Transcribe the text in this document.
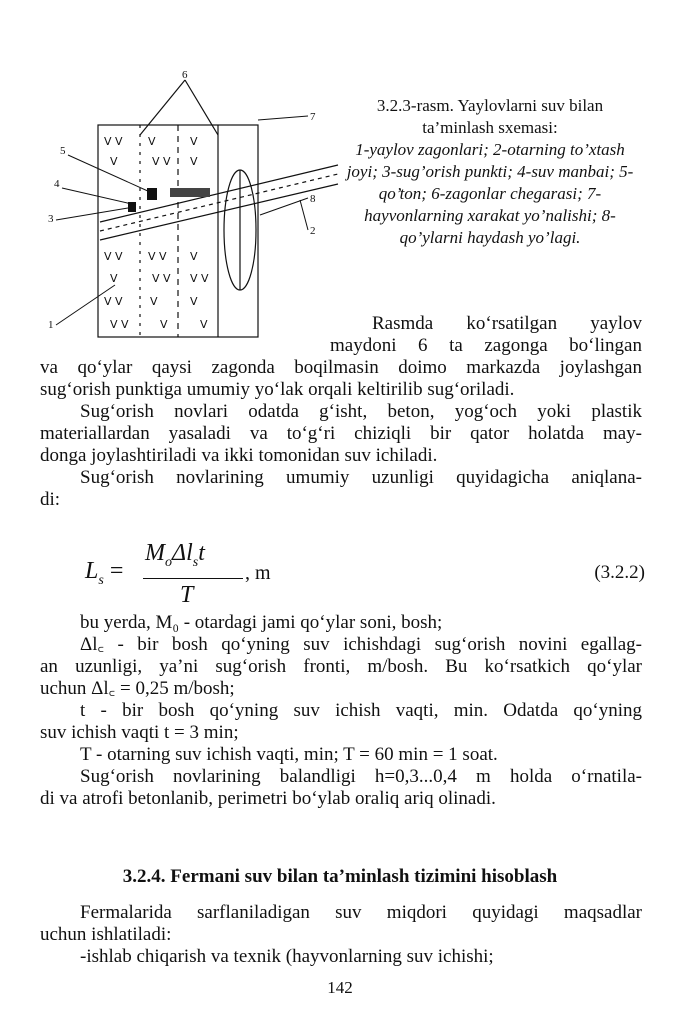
V V V	V
V	V V V
V V V V V
V	V V V V
V V V	V
V V	V	V
6
5
4
3
1
7
2
8
3.2.3-rasm. Yaylovlarni suv bilan ta’minlash sxemasi:
1-yaylov zagonlari; 2-otarning to’xtash joyi; 3-sug’orish punkti; 4-suv manbai; 5-qo’ton; 6-zagonlar chegarasi; 7-hayvonlarning xarakat yo’nalishi; 8-qo’ylarni haydash yo’lagi.
Rasmda ko‘rsatilgan yaylov
maydoni 6 ta zagonga bo‘lingan
va qo‘ylar qaysi zagonda boqilmasin doimo markazda joylashgan
sug‘orish punktiga umumiy yo‘lak orqali keltirilib sug‘oriladi.
Sug‘orish novlari odatda g‘isht, beton, yog‘och yoki plastik
materiallardan yasaladi va to‘g‘ri chiziqli bir qator holatda may-
donga joylashtiriladi va ikki tomonidan suv ichiladi.
Sug‘orish novlarining umumiy uzunligi quyidagicha aniqlana-
di:
$L_s$ =
$M_o\Delta l_st$
T
, m	(3.2.2)
bu yerda, M₀ - otardagi jami qo‘ylar soni, bosh;
Δl꜀ - bir bosh qo‘yning suv ichishdagi sug‘orish novini egallag-
an uzunligi, ya’ni sug‘orish fronti, m/bosh. Bu ko‘rsatkich qo‘ylar
uchun Δl꜀ = 0,25 m/bosh;
t - bir bosh qo‘yning suv ichish vaqti, min. Odatda qo‘yning
suv ichish vaqti t = 3 min;
T - otarning suv ichish vaqti, min; T = 60 min = 1 soat.
Sug‘orish novlarining balandligi h=0,3...0,4 m holda o‘rnatila-
di va atrofi betonlanib, perimetri bo‘ylab oraliq ariq olinadi.
3.2.4. Fermani suv bilan ta’minlash tizimini hisoblash
Fermalarida sarflaniladigan suv miqdori quyidagi maqsadlar
uchun ishlatiladi:
-ishlab chiqarish va texnik (hayvonlarning suv ichishi;
142
